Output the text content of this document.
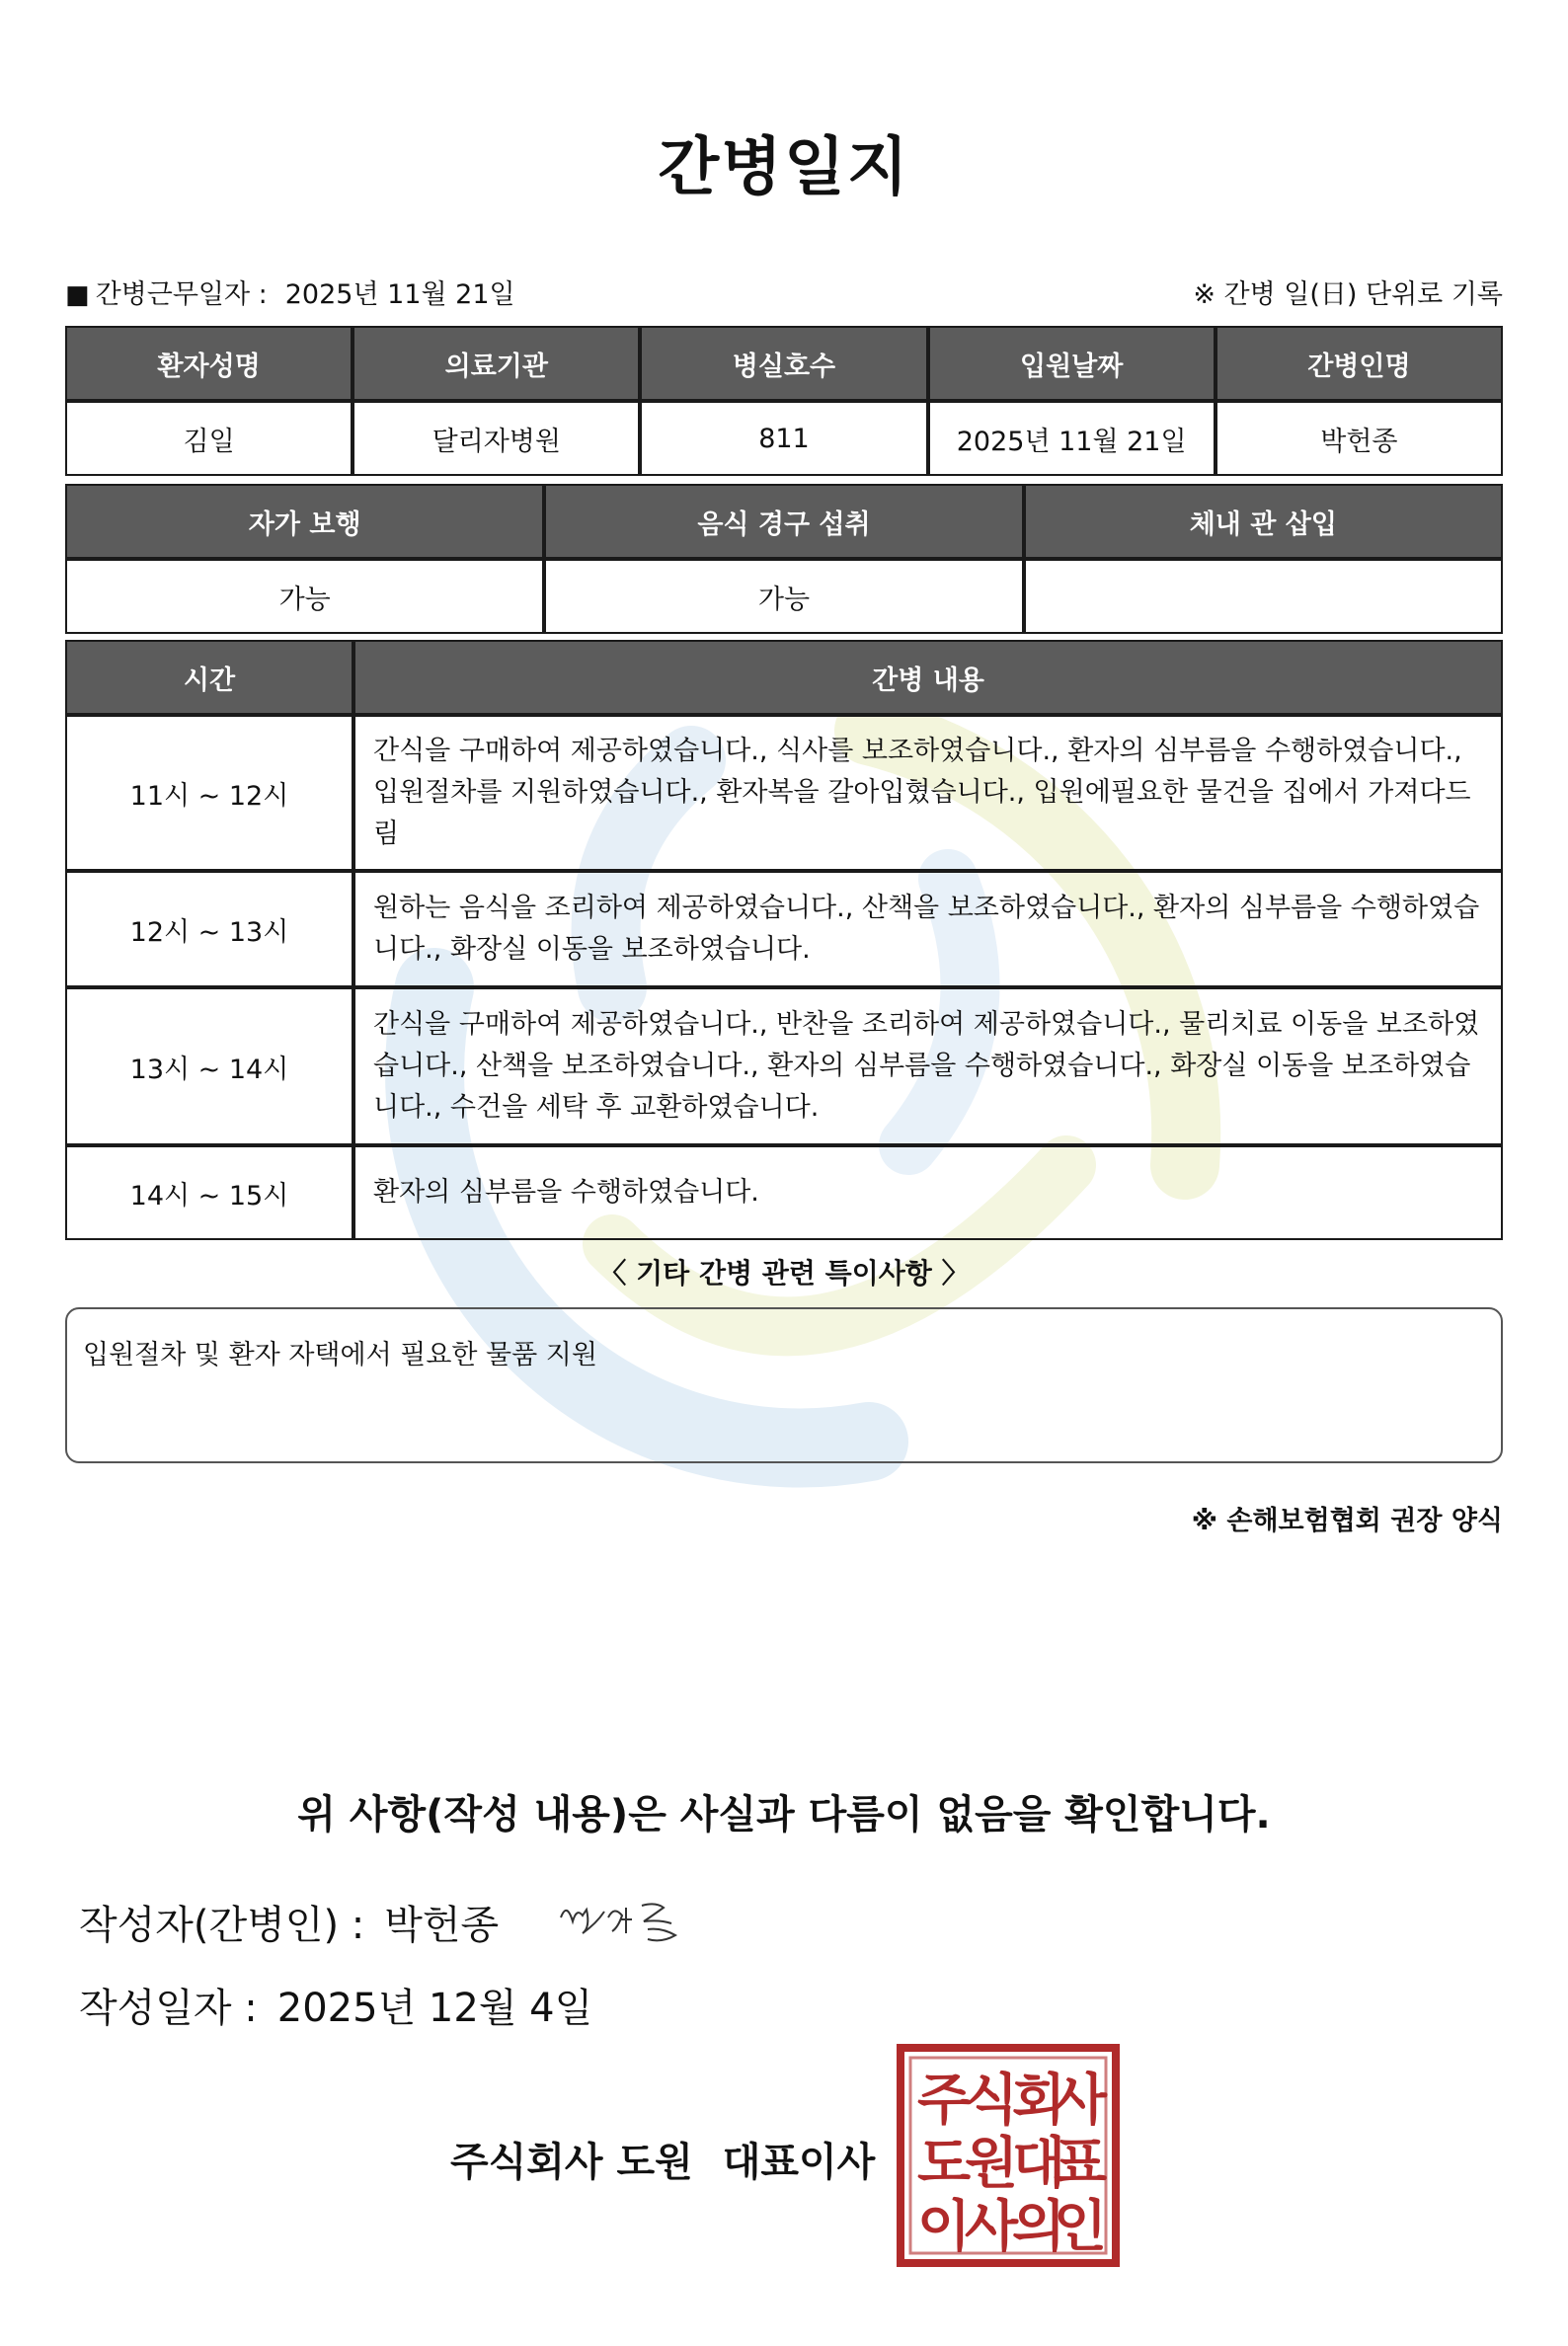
간병일지
■ 간병근무일자 : 2025년 11월 21일	※ 간병 일(日) 단위로 기록
환자성명	의료기관	병실호수	입원날짜	간병인명
김일	달리자병원	811	2025년 11월 21일	박헌종
자가 보행	음식 경구 섭취	체내 관 삽입
가능	가능	
시간	간병 내용
11시 ~ 12시	간식을 구매하여 제공하였습니다., 식사를 보조하였습니다., 환자의 심부름을 수행하였습니다., 입원절차를 지원하였습니다., 환자복을 갈아입혔습니다., 입원에필요한 물건을 집에서 가져다드림
12시 ~ 13시	원하는 음식을 조리하여 제공하였습니다., 산책을 보조하였습니다., 환자의 심부름을 수행하였습니다., 화장실 이동을 보조하였습니다.
13시 ~ 14시	간식을 구매하여 제공하였습니다., 반찬을 조리하여 제공하였습니다., 물리치료 이동을 보조하였습니다., 산책을 보조하였습니다., 환자의 심부름을 수행하였습니다., 화장실 이동을 보조하였습니다., 수건을 세탁 후 교환하였습니다.
14시 ~ 15시	환자의 심부름을 수행하였습니다.
〈 기타 간병 관련 특이사항 〉
입원절차 및 환자 자택에서 필요한 물품 지원
※ 손해보험협회 권장 양식
위 사항(작성 내용)은 사실과 다름이 없음을 확인합니다.
작성자(간병인) : 박헌종
작성일자 : 2025년 12월 4일
주식회사 도원 대표이사
주
식
회
사
도
원
대
표
이
사
의
인
